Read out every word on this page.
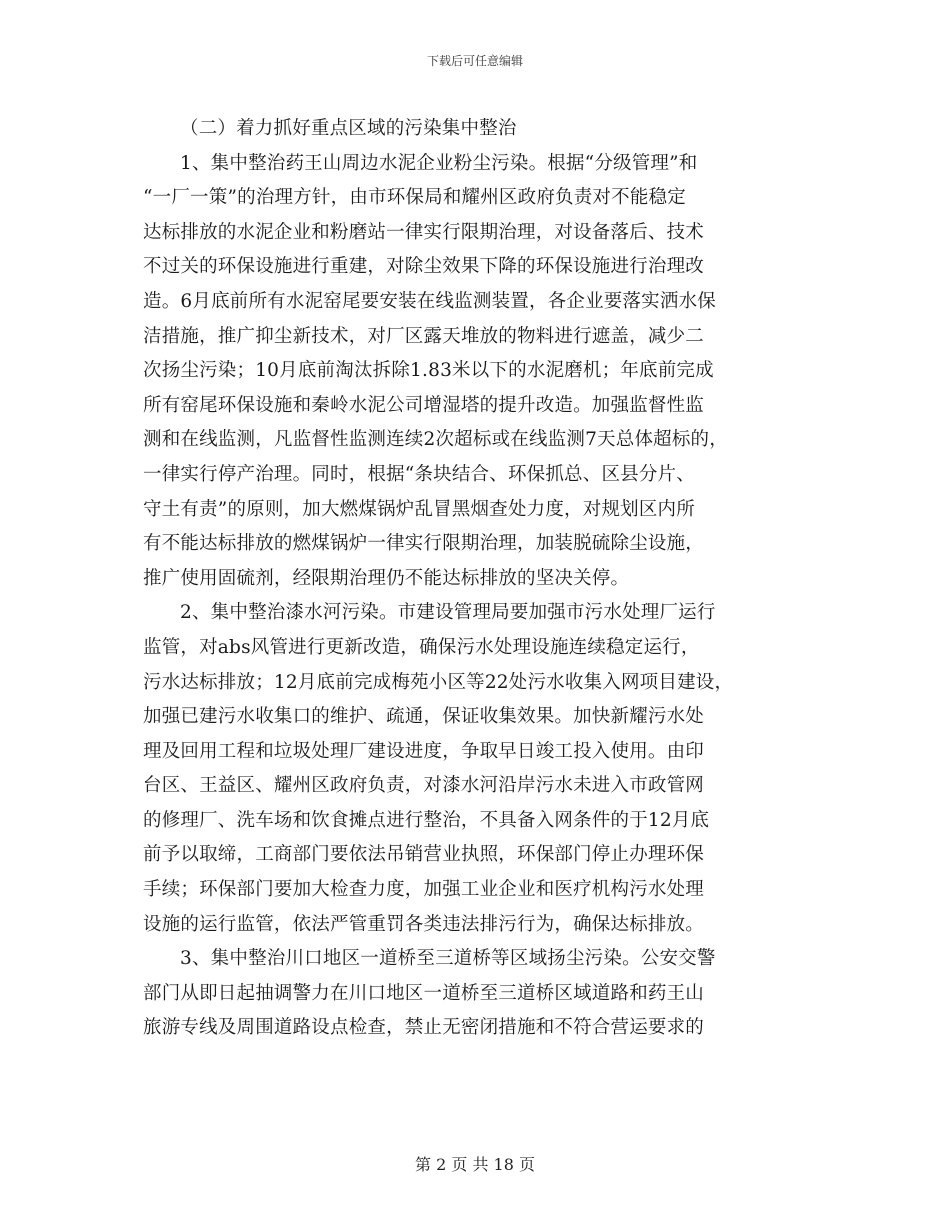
下载后可任意编辑
（二）着力抓好重点区域的污染集中整治
1、集中整治药王山周边水泥企业粉尘污染。根据“分级管理”和
“一厂一策”的治理方针，由市环保局和耀州区政府负责对不能稳定
达标排放的水泥企业和粉磨站一律实行限期治理，对设备落后、技术
不过关的环保设施进行重建，对除尘效果下降的环保设施进行治理改
造。6月底前所有水泥窑尾要安装在线监测装置，各企业要落实洒水保
洁措施，推广抑尘新技术，对厂区露天堆放的物料进行遮盖，减少二
次扬尘污染；10月底前淘汰拆除1.83米以下的水泥磨机；年底前完成
所有窑尾环保设施和秦岭水泥公司增湿塔的提升改造。加强监督性监
测和在线监测，凡监督性监测连续2次超标或在线监测7天总体超标的，
一律实行停产治理。同时，根据“条块结合、环保抓总、区县分片、
守土有责”的原则，加大燃煤锅炉乱冒黑烟查处力度，对规划区内所
有不能达标排放的燃煤锅炉一律实行限期治理，加装脱硫除尘设施，
推广使用固硫剂，经限期治理仍不能达标排放的坚决关停。
2、集中整治漆水河污染。市建设管理局要加强市污水处理厂运行
监管，对abs风管进行更新改造，确保污水处理设施连续稳定运行，
污水达标排放；12月底前完成梅苑小区等22处污水收集入网项目建设，
加强已建污水收集口的维护、疏通，保证收集效果。加快新耀污水处
理及回用工程和垃圾处理厂建设进度，争取早日竣工投入使用。由印
台区、王益区、耀州区政府负责，对漆水河沿岸污水未进入市政管网
的修理厂、洗车场和饮食摊点进行整治，不具备入网条件的于12月底
前予以取缔，工商部门要依法吊销营业执照，环保部门停止办理环保
手续；环保部门要加大检查力度，加强工业企业和医疗机构污水处理
设施的运行监管，依法严管重罚各类违法排污行为，确保达标排放。
3、集中整治川口地区一道桥至三道桥等区域扬尘污染。公安交警
部门从即日起抽调警力在川口地区一道桥至三道桥区域道路和药王山
旅游专线及周围道路设点检查，禁止无密闭措施和不符合营运要求的
第 2 页 共 18 页
